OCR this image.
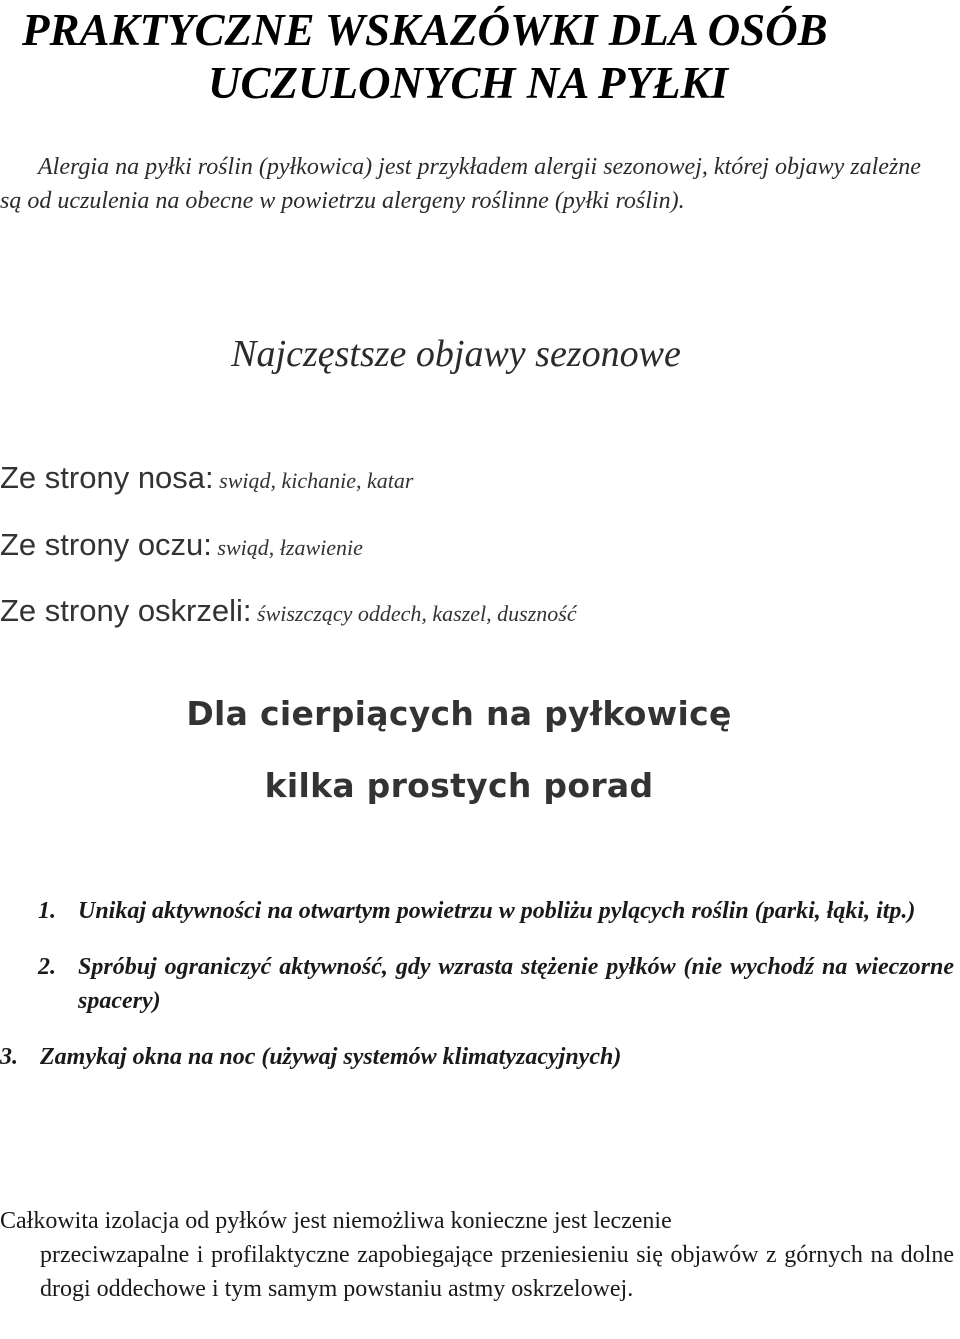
PRAKTYCZNE WSKAZÓWKI DLA OSÓB
UCZULONYCH NA PYŁKI

Alergia na pyłki roślin (pyłkowica) jest przykładem alergii sezonowej, której objawy zależne są od uczulenia na obecne w powietrzu alergeny roślinne (pyłki roślin).

Najczęstsze objawy sezonowe

Ze strony nosa: swiąd, kichanie, katar

Ze strony oczu: swiąd, łzawienie

Ze strony oskrzeli: świszczący oddech, kaszel, duszność

Dla cierpiących na pyłkowicę
kilka prostych porad
1. Unikaj aktywności na otwartym powietrzu w pobliżu pylących roślin (parki, łąki, itp.)
2. Spróbuj ograniczyć aktywność, gdy wzrasta stężenie pyłków (nie wychodź na wieczorne spacery)
3. Zamykaj okna na noc (używaj systemów klimatyzacyjnych)

Całkowita izolacja od pyłków jest niemożliwa konieczne jest leczenie
przeciwzapalne i profilaktyczne zapobiegające przeniesieniu się objawów z górnych na dolne drogi oddechowe i tym samym powstaniu astmy oskrzelowej.
